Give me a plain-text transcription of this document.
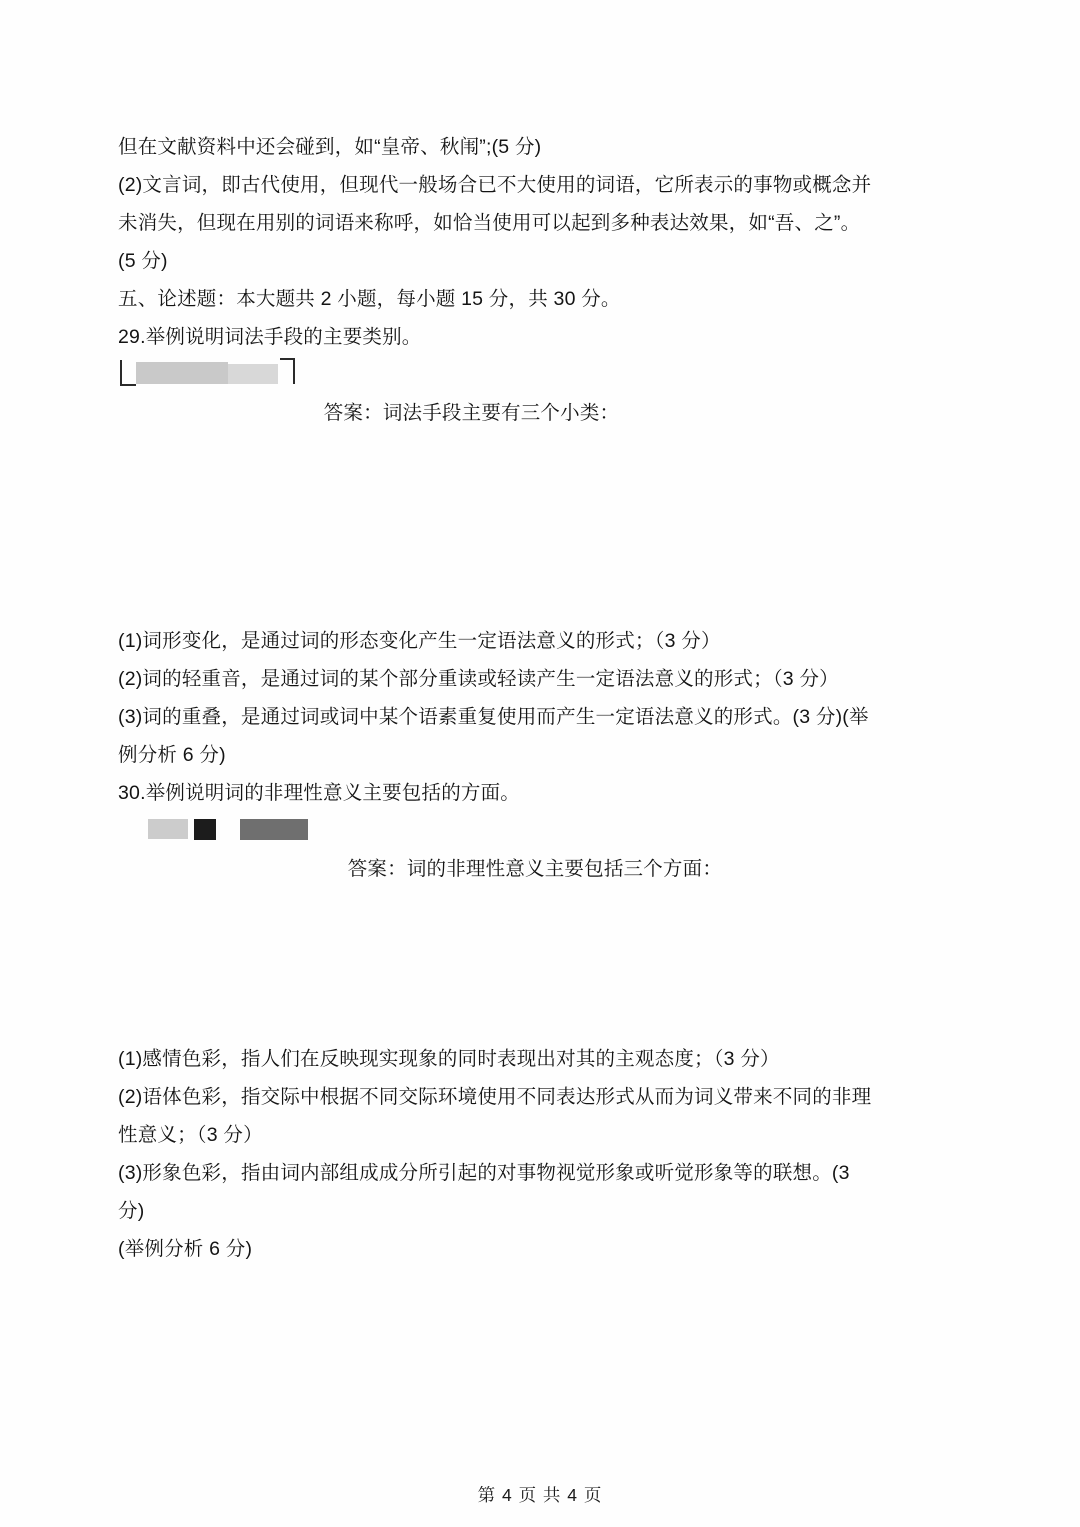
但在文献资料中还会碰到，如“皇帝、秋闱”;(5 分)
(2)文言词，即古代使用，但现代一般场合已不大使用的词语，它所表示的事物或概念并
未消失，但现在用别的词语来称呼，如恰当使用可以起到多种表达效果，如“吾、之”。
(5 分)
五、论述题：本大题共 2 小题，每小题 15 分，共 30 分。
29.举例说明词法手段的主要类别。

答案：词法手段主要有三个小类：

(1)词形变化，是通过词的形态变化产生一定语法意义的形式；（3 分）
(2)词的轻重音，是通过词的某个部分重读或轻读产生一定语法意义的形式；（3 分）
(3)词的重叠，是通过词或词中某个语素重复使用而产生一定语法意义的形式。(3 分)(举
例分析 6 分)
30.举例说明词的非理性意义主要包括的方面。

答案：词的非理性意义主要包括三个方面：

(1)感情色彩，指人们在反映现实现象的同时表现出对其的主观态度；（3 分）
(2)语体色彩，指交际中根据不同交际环境使用不同表达形式从而为词义带来不同的非理
性意义；（3 分）
(3)形象色彩，指由词内部组成成分所引起的对事物视觉形象或听觉形象等的联想。(3
分)
(举例分析 6 分)
第 4 页 共 4 页
